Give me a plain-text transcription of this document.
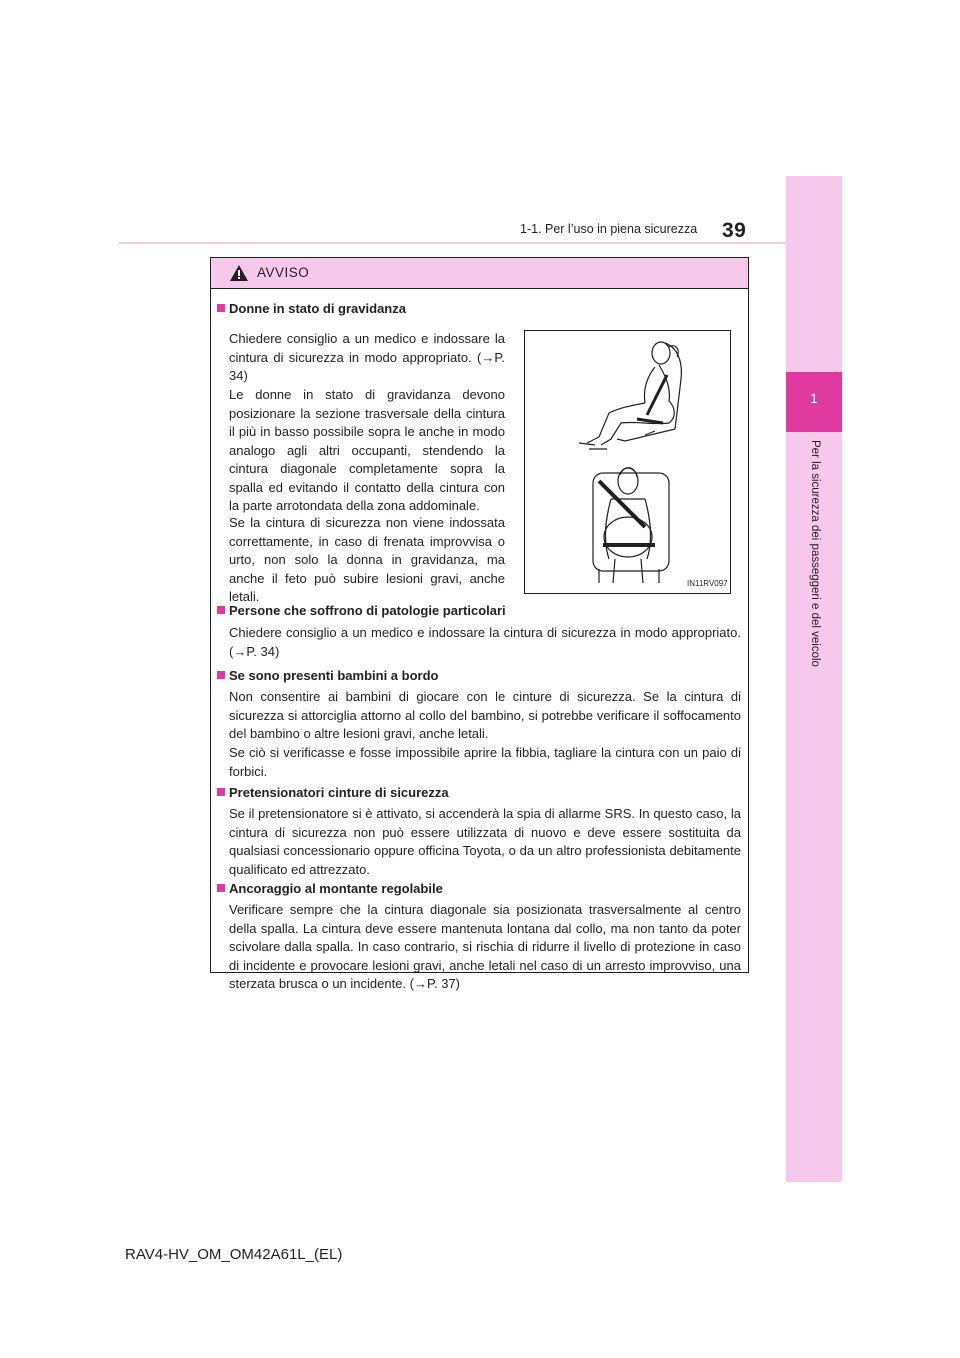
1
Per la sicurezza dei passeggeri e del veicolo
1-1. Per l’uso in piena sicurezza 39
AVVISO
Donne in stato di gravidanza
Chiedere consiglio a un medico e indossare la cintura di sicurezza in modo appropriato. (→P. 34)
Le donne in stato di gravidanza devono posizionare la sezione trasversale della cintura il più in basso possibile sopra le anche in modo analogo agli altri occupanti, stendendo la cintura diagonale completamente sopra la spalla ed evitando il contatto della cintura con la parte arrotondata della zona addominale.
Se la cintura di sicurezza non viene indossata correttamente, in caso di frenata improvvisa o urto, non solo la donna in gravidanza, ma anche il feto può subire lesioni gravi, anche letali.
IN11RV097
Persone che soffrono di patologie particolari
Chiedere consiglio a un medico e indossare la cintura di sicurezza in modo appropriato. (→P. 34)
Se sono presenti bambini a bordo
Non consentire ai bambini di giocare con le cinture di sicurezza. Se la cintura di sicurezza si attorciglia attorno al collo del bambino, si potrebbe verificare il soffocamento del bambino o altre lesioni gravi, anche letali.
Se ciò si verificasse e fosse impossibile aprire la fibbia, tagliare la cintura con un paio di forbici.
Pretensionatori cinture di sicurezza
Se il pretensionatore si è attivato, si accenderà la spia di allarme SRS. In questo caso, la cintura di sicurezza non può essere utilizzata di nuovo e deve essere sostituita da qualsiasi concessionario oppure officina Toyota, o da un altro professionista debitamente qualificato ed attrezzato.
Ancoraggio al montante regolabile
Verificare sempre che la cintura diagonale sia posizionata trasversalmente al centro della spalla. La cintura deve essere mantenuta lontana dal collo, ma non tanto da poter scivolare dalla spalla. In caso contrario, si rischia di ridurre il livello di protezione in caso di incidente e provocare lesioni gravi, anche letali nel caso di un arresto improvviso, una sterzata brusca o un incidente. (→P. 37)
RAV4-HV_OM_OM42A61L_(EL)
